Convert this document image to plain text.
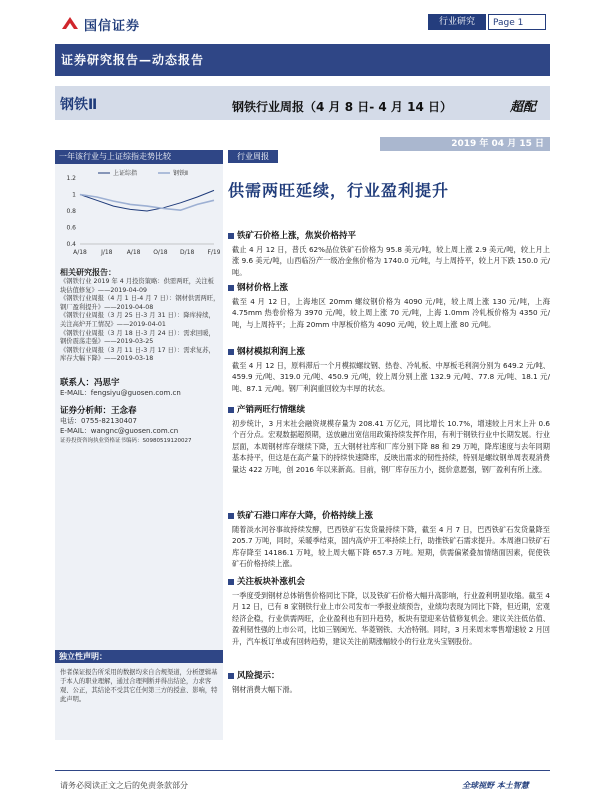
国信证券	行业研究	Page 1
证券研究报告—动态报告
钢铁Ⅱ	钢铁行业周报（4 月 8 日- 4 月 14 日）	超配
2019 年 04 月 15 日
一年该行业与上证综指走势比较
1.2
1
0.8
0.6
0.4
A/18 J/18 A/18 O/18 D/18 F/19
上证综指	钢铁Ⅱ
相关研究报告：
《钢铁行业 2019 年 4 月投资策略：供需两旺，关注板块估值修复》——2019-04-09
《钢铁行业周报（4 月 1 日-4 月 7 日）：钢材供需两旺，钢厂盈利提升》——2019-04-08
《钢铁行业周报（3 月 25 日-3 月 31 日）：降库持续，关注高炉开工情况》——2019-04-01
《钢铁行业周报（3 月 18 日-3 月 24 日）：需求回暖，钢价震荡走强》——2019-03-25
《钢铁行业周报（3 月 11 日-3 月 17 日）：需求复苏，库存大幅下降》——2019-03-18
联系人：冯思宇
E-MAIL：fengsiyu@guosen.com.cn
证券分析师：王念春
电话：0755-82130407
E-MAIL：wangnc@guosen.com.cn
证券投资咨询执业资格证书编码：S0980519120027
独立性声明：
作者保证报告所采用的数据均来自合规渠道，分析逻辑基于本人的职业理解，通过合理判断并得出结论，力求客观、公正，其结论不受其它任何第三方的授意、影响，特此声明。
行业周报
供需两旺延续，行业盈利提升
铁矿石价格上涨，焦炭价格持平
截止 4 月 12 日，普氏 62%品位铁矿石价格为 95.8 美元/吨，较上周上涨 2.9 美元/吨，较上月上涨 9.6 美元/吨，山西临汾产一级冶金焦价格为 1740.0 元/吨，与上周持平，较上月下跌 150.0 元/吨。
钢材价格上涨
截至 4 月 12 日，上海地区 20mm 螺纹钢价格为 4090 元/吨，较上周上涨 130 元/吨，上海 4.75mm 热卷价格为 3970 元/吨，较上周上涨 70 元/吨，上海 1.0mm 冷轧板价格为 4350 元/吨，与上周持平；上海 20mm 中厚板价格为 4090 元/吨，较上周上涨 80 元/吨。
钢材模拟利润上涨
截至 4 月 12 日，原料滞后一个月模拟螺纹钢、热卷、冷轧板、中厚板毛利润分别为 649.2 元/吨、459.9 元/吨、319.0 元/吨、450.9 元/吨，较上周分别上涨 132.9 元/吨、77.8 元/吨、18.1 元/吨、87.1 元/吨。钢厂利润重回较为丰厚的状态。
产销两旺行情继续
初步统计，3 月末社会融资规模存量为 208.41 万亿元，同比增长 10.7%，增速较上月末上升 0.6 个百分点。宏观数据超预期，送放融出宽信用政策持续发挥作用，有利于钢铁行业中长期发展。行业层面，本周钢材库存继续下降，五大钢材社库和厂库分别下降 88 和 29 万吨，降库速度与去年同期基本持平，但这是在高产量下的持续快速降库，反映出需求的韧性持续，特别是螺纹钢单周表观消费量达 422 万吨，创 2016 年以来新高。目前，钢厂库存压力小，挺价意愿强，钢厂盈利有所上涨。
铁矿石港口库存大降，价格持续上涨
随着淡水河谷事故持续发酵，巴西铁矿石发货量持续下降，截至 4 月 7 日，巴西铁矿石发货量降至 205.7 万吨，同时，采暖季结束，国内高炉开工率持续上行，助推铁矿石需求提升。本周港口铁矿石库存降至 14186.1 万吨，较上周大幅下降 657.3 万吨。短期，供需偏紧叠加情绪面因素，促使铁矿石价格持续上涨。
关注板块补涨机会
一季度受到钢材总体销售价格同比下降，以及铁矿石价格大幅升高影响，行业盈利明显收缩。截至 4 月 12 日，已有 8 家钢铁行业上市公司发布一季报业绩预告，业绩均表现为同比下降，但近期，宏观经济企稳，行业供需两旺，企业盈利也有回升趋势，板块有望迎来估值修复机会。建议关注低估值、盈利韧性强的上市公司，比如三钢闽光、华菱钢铁、大冶特钢。同时，3 月来周末零售增速较 2 月回升，汽车板订单或有回转趋势，建议关注前期涨幅较小的行业龙头宝钢股份。
风险提示：
钢材消费大幅下滑。
请务必阅读正文之后的免责条款部分	全球视野 本土智慧
